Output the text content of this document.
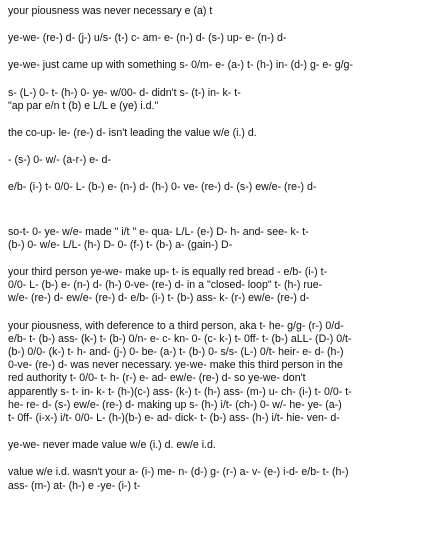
your piousness was never necessary e (a) t

ye-we- (re-) d- (j-) u/s- (t-) c- am- e- (n-) d- (s-) up- e- (n-) d-

ye-we- just came up with something s- 0/m- e- (a-) t- (h-) in- (d-) g- e- g/g-

s- (L-) 0- t- (h-) 0- ye- w/00- d- didn't s- (t-) in- k- t-
"ap par e/n t (b) e L/L e (ye) i.d."

the co-up- le- (re-) d- isn't leading the value w/e (i.) d.

- (s-) 0- w/- (a-r-) e- d-

e/b- (i-) t- 0/0- L- (b-) e- (n-) d- (h-) 0- ve- (re-) d- (s-) ew/e- (re-) d-

so-t- 0- ye- w/e- made " i/t " e- qua- L/L- (e-) D- h- and- see- k- t-
(b-) 0- w/e- L/L- (h-) D- 0- (f-) t- (b-) a- (gain-) D-

your third person ye-we- make up- t- is equally red bread - e/b- (i-) t-
0/0- L- (b-) e- (n-) d- (h-) 0-ve- (re-) d- in a "closed- loop" t- (h-) rue-
w/e- (re-) d- ew/e- (re-) d- e/b- (i-) t- (b-) ass- k- (r-) ew/e- (re-) d-

your piousness, with deference to a third person, aka t- he- g/g- (r-) 0/d-
e/b- t- (b-) ass- (k-) t- (b-) 0/n- e- c- kn- 0- (c- k-) t- 0ff- t- (b-) aLL- (D-) 0/t-
(b-) 0/0- (k-) t- h- and- (j-) 0- be- (a-) t- (b-) 0- s/s- (L-) 0/t- heir- e- d- (h-)
0-ve- (re-) d- was never necessary. ye-we- make this third person in the
red authority t- 0/0- t- h- (r-) e- ad- ew/e- (re-) d- so ye-we- don't
apparently s- t- in- k- t- (h-)(c-) ass- (k-) t- (h-) ass- (m-) u- ch- (i-) t- 0/0- t-
he- re- d- (s-) ew/e- (re-) d- making up s- (h-) i/t- (ch-) 0- w/- he- ye- (a-)
t- 0ff- (i-x-) i/t- 0/0- L- (h-)(b-) e- ad- dick- t- (b-) ass- (h-) i/t- hie- ven- d-

ye-we- never made value w/e (i.) d. ew/e i.d.

value w/e i.d. wasn't your a- (i-) me- n- (d-) g- (r-) a- v- (e-) i-d- e/b- t- (h-)
ass- (m-) at- (h-) e -ye- (i-) t-
